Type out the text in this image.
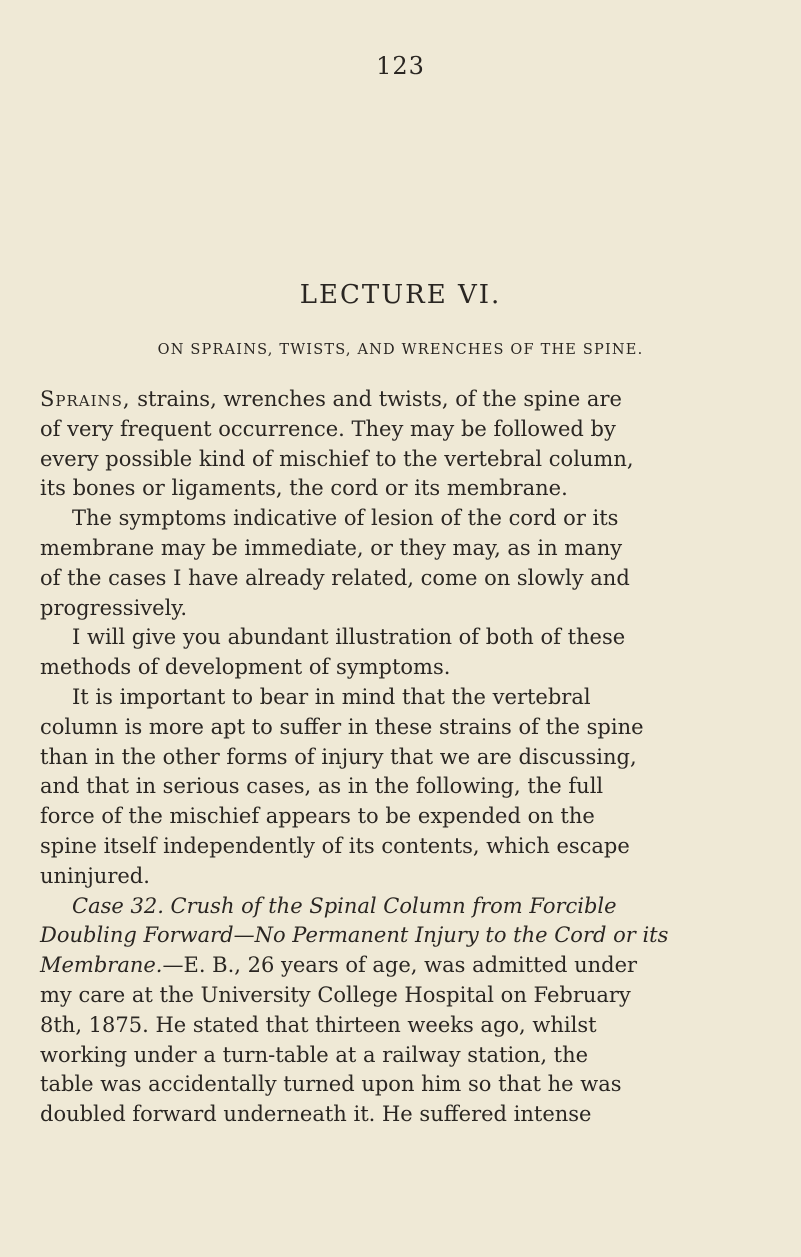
123
LECTURE VI.
ON SPRAINS, TWISTS, AND WRENCHES OF THE SPINE.
Sprains, strains, wrenches and twists, of the spine are
of very frequent occurrence. They may be followed by
every possible kind of mischief to the vertebral column,
its bones or ligaments, the cord or its membrane.
The symptoms indicative of lesion of the cord or its
membrane may be immediate, or they may, as in many
of the cases I have already related, come on slowly and
progressively.
I will give you abundant illustration of both of these
methods of development of symptoms.
It is important to bear in mind that the vertebral
column is more apt to suffer in these strains of the spine
than in the other forms of injury that we are discussing,
and that in serious cases, as in the following, the full
force of the mischief appears to be expended on the
spine itself independently of its contents, which escape
uninjured.
Case 32. Crush of the Spinal Column from Forcible
Doubling Forward—No Permanent Injury to the Cord or its
Membrane.—E. B., 26 years of age, was admitted under
my care at the University College Hospital on February
8th, 1875. He stated that thirteen weeks ago, whilst
working under a turn-table at a railway station, the
table was accidentally turned upon him so that he was
doubled forward underneath it. He suffered intense
